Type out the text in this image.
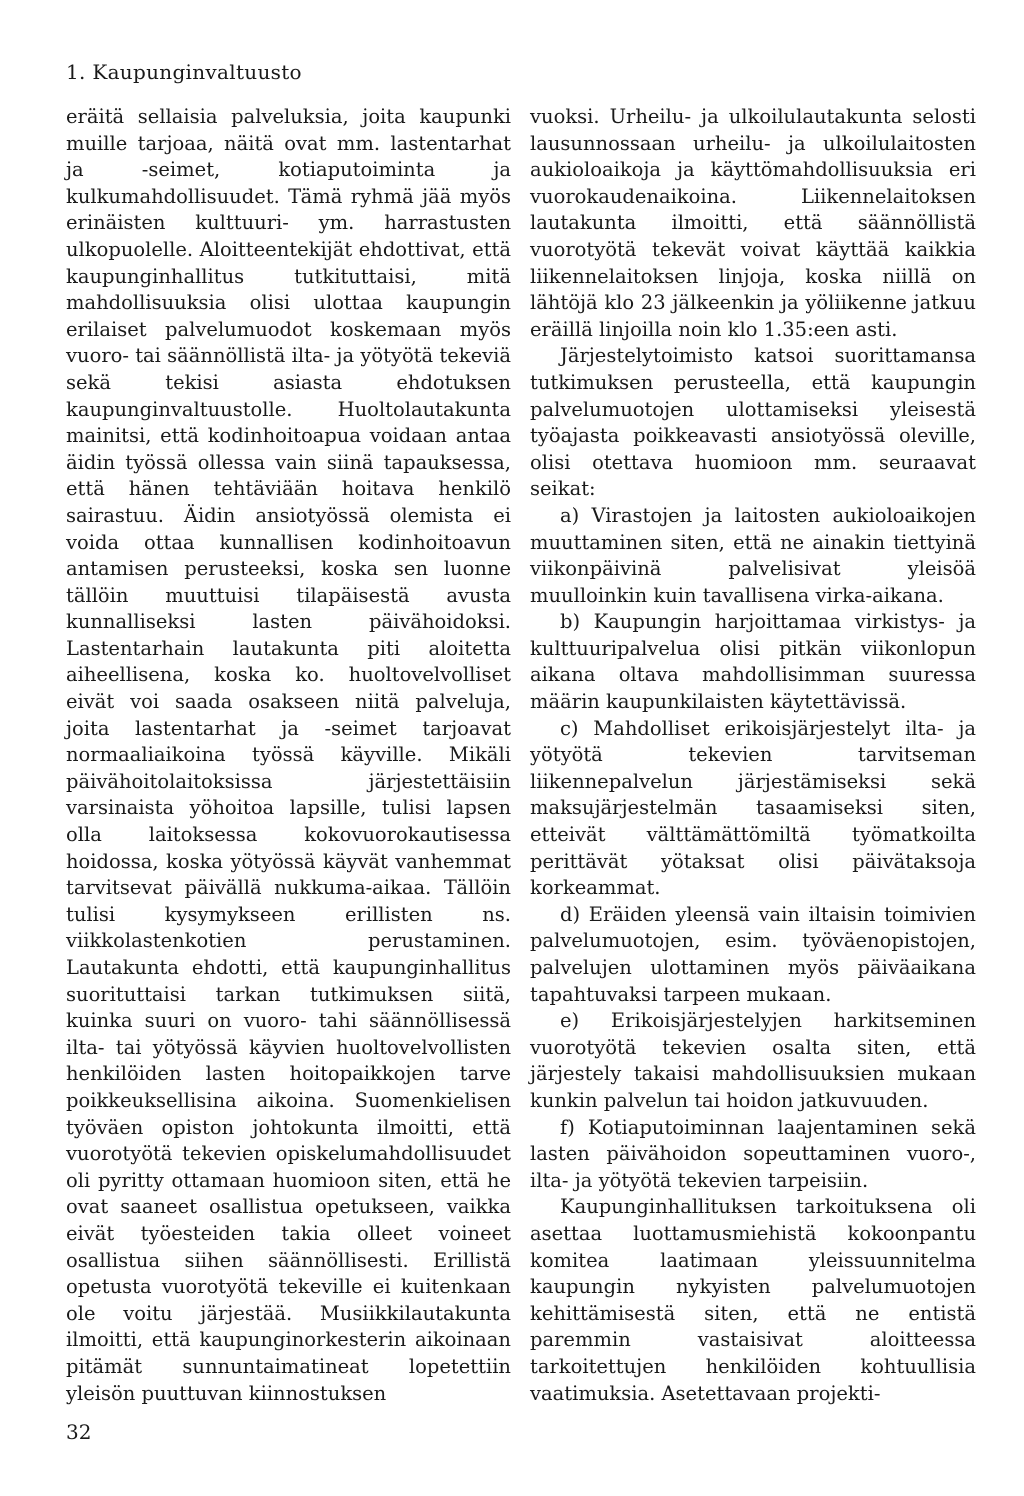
1. Kaupunginvaltuusto

eräitä sellaisia palveluksia, joita kaupunki muille tarjoaa, näitä ovat mm. lastentarhat ja -seimet, kotiaputoiminta ja kulkumahdollisuudet. Tämä ryhmä jää myös erinäisten kulttuuri- ym. harrastusten ulkopuolelle. Aloitteentekijät ehdottivat, että kaupunginhallitus tutkituttaisi, mitä mahdollisuuksia olisi ulottaa kaupungin erilaiset palvelumuodot koskemaan myös vuoro- tai säännöllistä ilta- ja yötyötä tekeviä sekä tekisi asiasta ehdotuksen kaupunginvaltuustolle. Huoltolautakunta mainitsi, että kodinhoitoapua voidaan antaa äidin työssä ollessa vain siinä tapauksessa, että hänen tehtäviään hoitava henkilö sairastuu. Äidin ansiotyössä olemista ei voida ottaa kunnallisen kodinhoitoavun antamisen perusteeksi, koska sen luonne tällöin muuttuisi tilapäisestä avusta kunnalliseksi lasten päivähoidoksi. Lastentarhain lautakunta piti aloitetta aiheellisena, koska ko. huoltovelvolliset eivät voi saada osakseen niitä palveluja, joita lastentarhat ja -seimet tarjoavat normaaliaikoina työssä käyville. Mikäli päivähoitolaitoksissa järjestettäisiin varsinaista yöhoitoa lapsille, tulisi lapsen olla laitoksessa kokovuorokautisessa hoidossa, koska yötyössä käyvät vanhemmat tarvitsevat päivällä nukkuma-aikaa. Tällöin tulisi kysymykseen erillisten ns. viikkolastenkotien perustaminen. Lautakunta ehdotti, että kaupunginhallitus suorituttaisi tarkan tutkimuksen siitä, kuinka suuri on vuoro- tahi säännöllisessä ilta- tai yötyössä käyvien huoltovelvollisten henkilöiden lasten hoitopaikkojen tarve poikkeuksellisina aikoina. Suomenkielisen työväen opiston johtokunta ilmoitti, että vuorotyötä tekevien opiskelumahdollisuudet oli pyritty ottamaan huomioon siten, että he ovat saaneet osallistua opetukseen, vaikka eivät työesteiden takia olleet voineet osallistua siihen säännöllisesti. Erillistä opetusta vuorotyötä tekeville ei kuitenkaan ole voitu järjestää. Musiikkilautakunta ilmoitti, että kaupunginorkesterin aikoinaan pitämät sunnuntaimatineat lopetettiin yleisön puuttuvan kiinnostuksen

vuoksi. Urheilu- ja ulkoilulautakunta selosti lausunnossaan urheilu- ja ulkoilulaitosten aukioloaikoja ja käyttömahdollisuuksia eri vuorokaudenaikoina. Liikennelaitoksen lautakunta ilmoitti, että säännöllistä vuorotyötä tekevät voivat käyttää kaikkia liikennelaitoksen linjoja, koska niillä on lähtöjä klo 23 jälkeenkin ja yöliikenne jatkuu eräillä linjoilla noin klo 1.35:een asti.

Järjestelytoimisto katsoi suorittamansa tutkimuksen perusteella, että kaupungin palvelumuotojen ulottamiseksi yleisestä työajasta poikkeavasti ansiotyössä oleville, olisi otettava huomioon mm. seuraavat seikat:

a) Virastojen ja laitosten aukioloaikojen muuttaminen siten, että ne ainakin tiettyinä viikonpäivinä palvelisivat yleisöä muulloinkin kuin tavallisena virka-aikana.

b) Kaupungin harjoittamaa virkistys- ja kulttuuripalvelua olisi pitkän viikonlopun aikana oltava mahdollisimman suuressa määrin kaupunkilaisten käytettävissä.

c) Mahdolliset erikoisjärjestelyt ilta- ja yötyötä tekevien tarvitseman liikennepalvelun järjestämiseksi sekä maksujärjestelmän tasaamiseksi siten, etteivät välttämättömiltä työmatkoilta perittävät yötaksat olisi päivätaksoja korkeammat.

d) Eräiden yleensä vain iltaisin toimivien palvelumuotojen, esim. työväenopistojen, palvelujen ulottaminen myös päiväaikana tapahtuvaksi tarpeen mukaan.

e) Erikoisjärjestelyjen harkitseminen vuorotyötä tekevien osalta siten, että järjestely takaisi mahdollisuuksien mukaan kunkin palvelun tai hoidon jatkuvuuden.

f) Kotiaputoiminnan laajentaminen sekä lasten päivähoidon sopeuttaminen vuoro-, ilta- ja yötyötä tekevien tarpeisiin.

Kaupunginhallituksen tarkoituksena oli asettaa luottamusmiehistä kokoonpantu komitea laatimaan yleissuunnitelma kaupungin nykyisten palvelumuotojen kehittämisestä siten, että ne entistä paremmin vastaisivat aloitteessa tarkoitettujen henkilöiden kohtuullisia vaatimuksia. Asetettavaan projekti-

32
